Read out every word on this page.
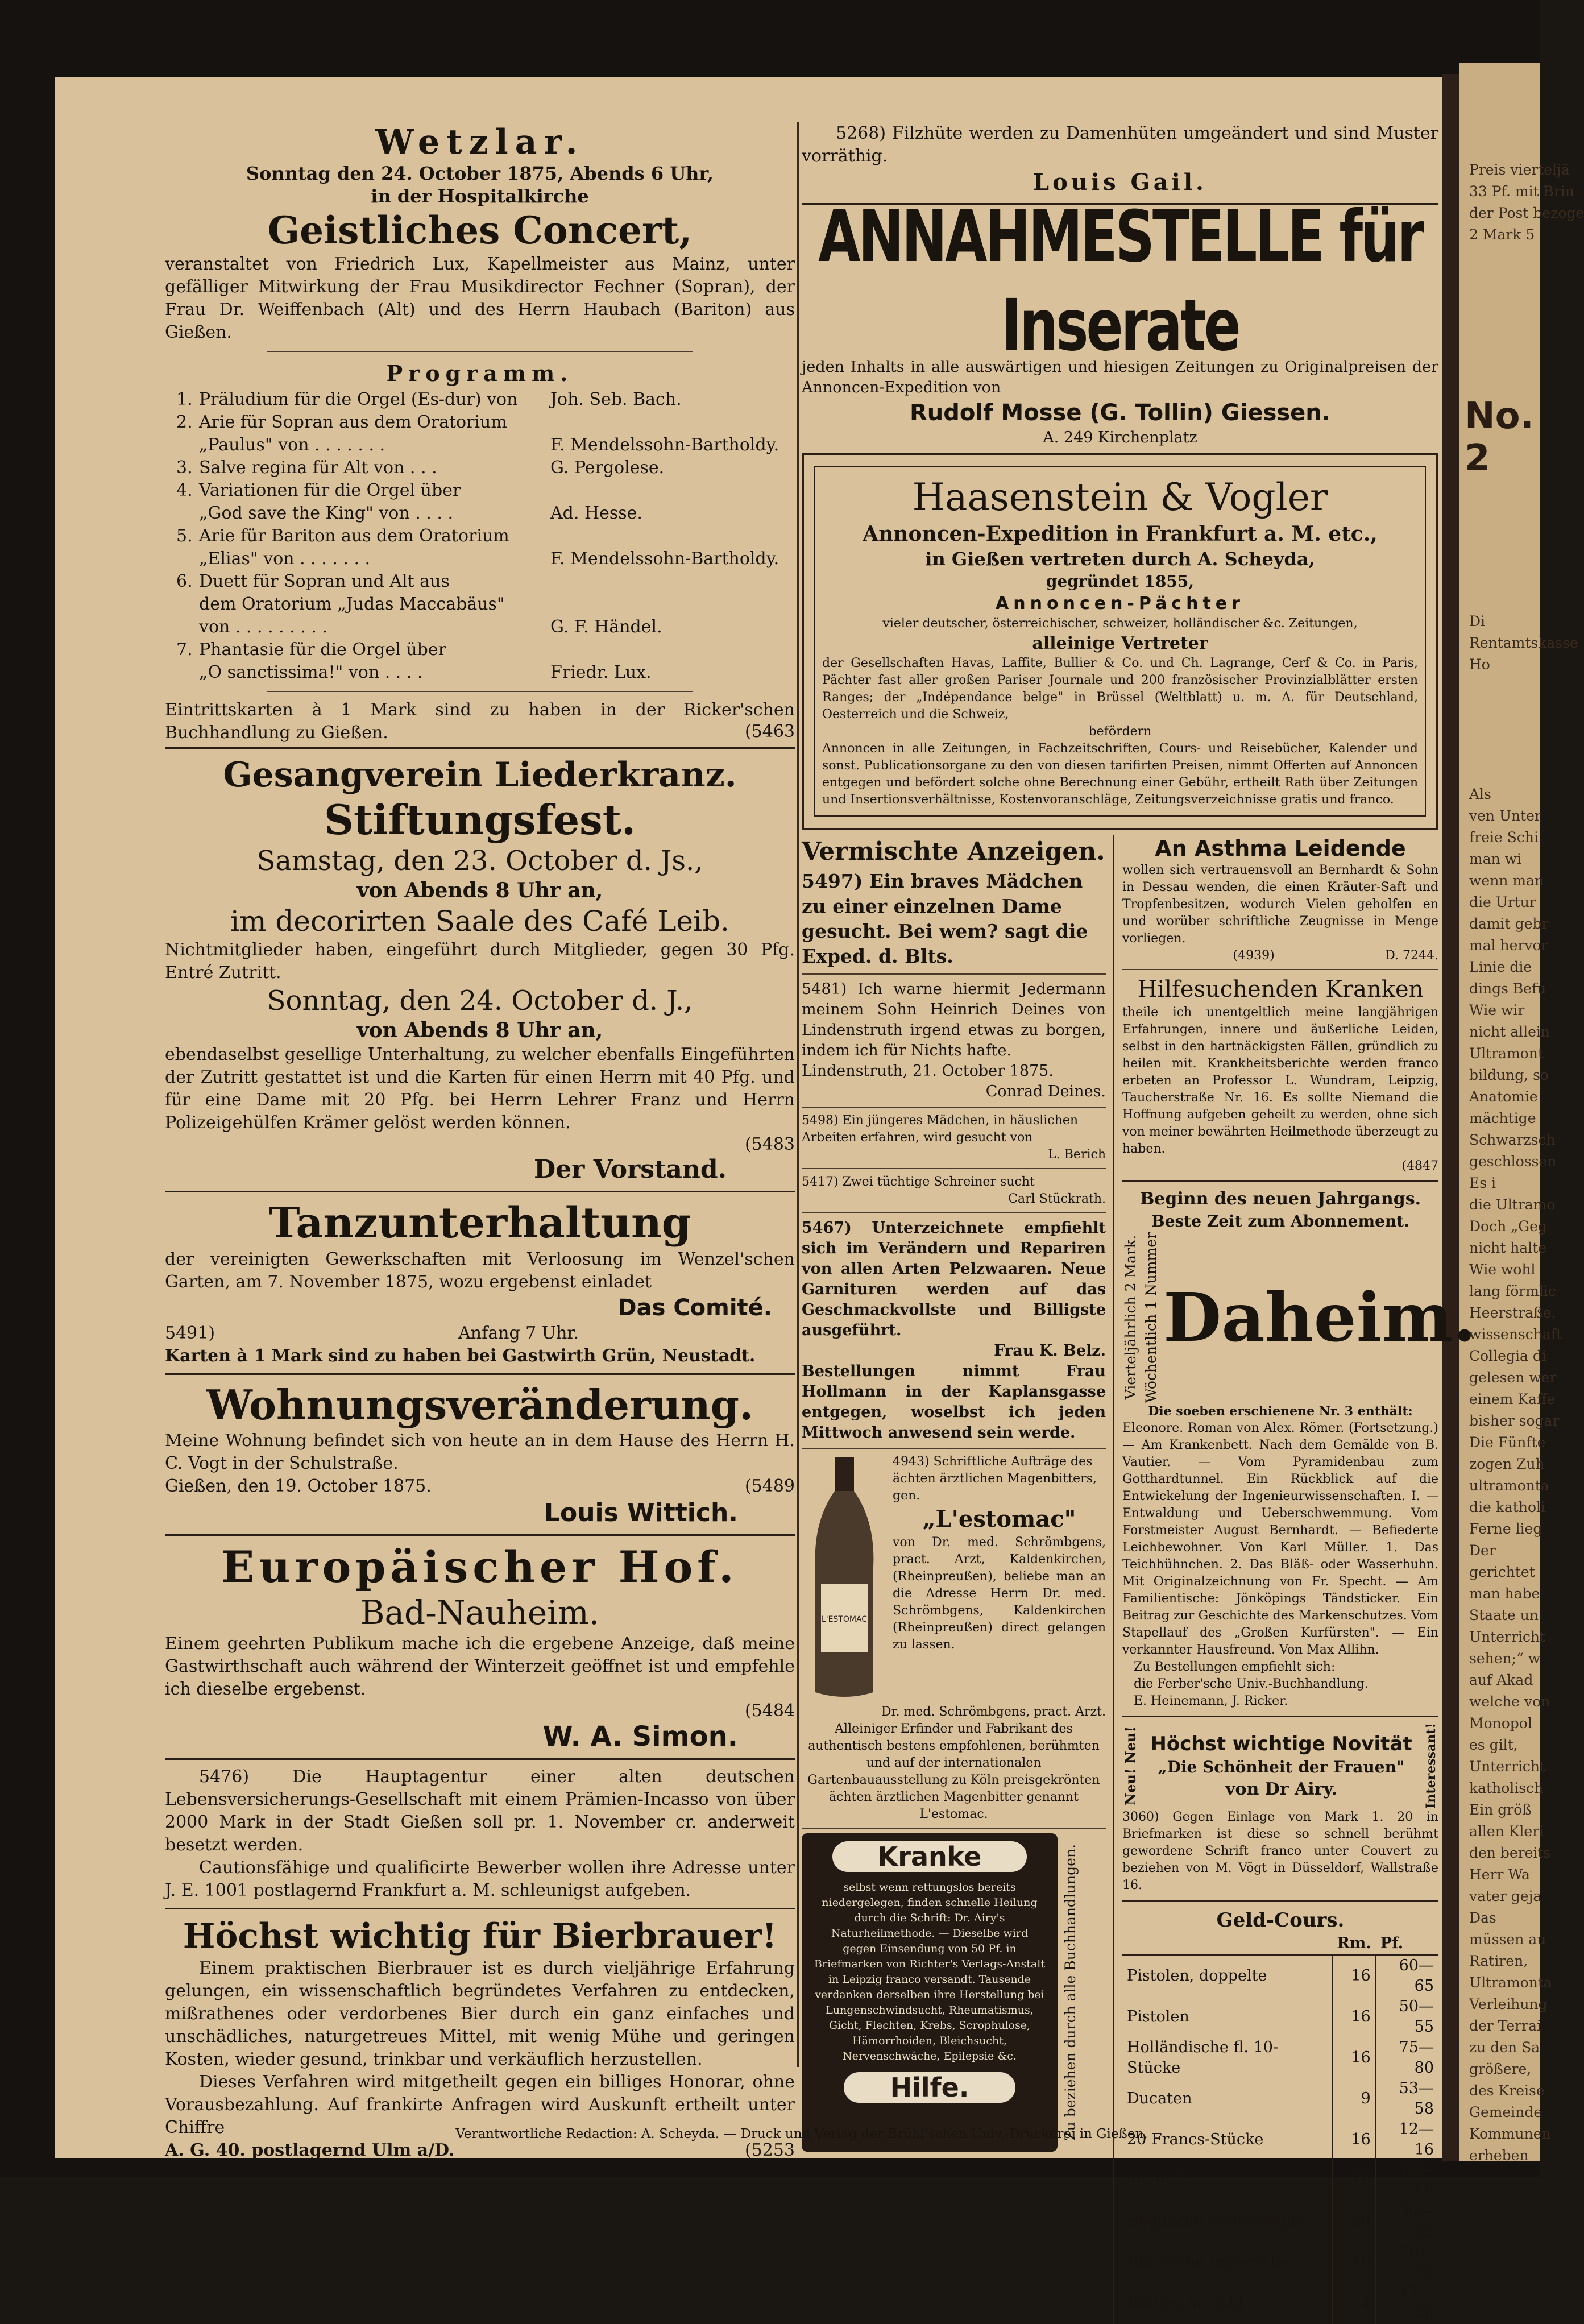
No. 2
Preis vierteljä
33 Pf. mit Brin
der Post bezoge
2 Mark 5
Di
Rentamtskasse
Ho
Als
ven Unter
freie Schi
man wi
wenn man
die Urtur
damit gebr
mal hervor
Linie die
dings Befu
Wie wir
nicht allein
Ultramont
bildung, so
Anatomie
mächtige
Schwarzsch
geschlossen
Es i
die Ultramo
Doch „Geg
nicht halte
Wie wohl
lang förmlic
Heerstraße.
wissenschaft
Collegia di
gelesen wer
einem Kaffe
bisher sogar
Die Fünfte
zogen Zuh
ultramonta
die katholi
Ferne lieg
Der
gerichtet
man habe
Staate un
Unterricht
sehen;“ w
auf Akad
welche von
Monopol
es gilt,
Unterricht
katholisch
Ein größ
allen Kleri
den bereits
Herr Wa
vater geja
Das
müssen au
Ratiren,
Ultramonta
Verleihung
der Terrai
zu den Sa
größere,
des Kreise
Gemeinde
Kommunen
erheben
Wetzlar.
Sonntag den 24. October 1875, Abends 6 Uhr,
in der Hospitalkirche
Geistliches Concert,
veranstaltet von Friedrich Lux, Kapellmeister aus Mainz, unter gefälliger Mitwirkung der Frau Musikdirector Fechner (Sopran), der Frau Dr. Weiffenbach (Alt) und des Herrn Haubach (Bariton) aus Gießen.
Programm.
1. Präludium für die Orgel (Es-dur) von	Joh. Seb. Bach.
2. Arie für Sopran aus dem Oratorium
„Paulus" von . . . . . . .	F. Mendelssohn-Bartholdy.
3. Salve regina für Alt von . . .	G. Pergolese.
4. Variationen für die Orgel über
„God save the King" von . . . .	Ad. Hesse.
5. Arie für Bariton aus dem Oratorium
„Elias" von . . . . . . .	F. Mendelssohn-Bartholdy.
6. Duett für Sopran und Alt aus
dem Oratorium „Judas Maccabäus"
von . . . . . . . . .	G. F. Händel.
7. Phantasie für die Orgel über
„O sanctissima!" von . . . .	Friedr. Lux.
Eintrittskarten à 1 Mark sind zu haben in der Ricker'schen Buchhandlung zu Gießen.	(5463
Gesangverein Liederkranz.
Stiftungsfest.
Samstag, den 23. October d. Js.,
von Abends 8 Uhr an,
im decorirten Saale des Café Leib.
Nichtmitglieder haben, eingeführt durch Mitglieder, gegen 30 Pfg. Entré Zutritt.
Sonntag, den 24. October d. J.,
von Abends 8 Uhr an,
ebendaselbst gesellige Unterhaltung, zu welcher ebenfalls Eingeführten der Zutritt gestattet ist und die Karten für einen Herrn mit 40 Pfg. und für eine Dame mit 20 Pfg. bei Herrn Lehrer Franz und Herrn Polizeigehülfen Krämer gelöst werden können.
(5483
Der Vorstand.
Tanzunterhaltung
der vereinigten Gewerkschaften mit Verloosung im Wenzel'schen Garten, am 7. November 1875, wozu ergebenst einladet
Das Comité.
5491)	Anfang 7 Uhr.
Karten à 1 Mark sind zu haben bei Gastwirth Grün, Neustadt.
Wohnungsveränderung.
Meine Wohnung befindet sich von heute an in dem Hause des Herrn H. C. Vogt in der Schulstraße.
Gießen, den 19. October 1875.	(5489
Louis Wittich.
Europäischer Hof.
Bad-Nauheim.
Einem geehrten Publikum mache ich die ergebene Anzeige, daß meine Gastwirthschaft auch während der Winterzeit geöffnet ist und empfehle ich dieselbe ergebenst.
(5484
W. A. Simon.
5476) Die Hauptagentur einer alten deutschen Lebensversicherungs-Gesellschaft mit einem Prämien-Incasso von über 2000 Mark in der Stadt Gießen soll pr. 1. November cr. anderweit besetzt werden.
Cautionsfähige und qualificirte Bewerber wollen ihre Adresse unter J. E. 1001 postlagernd Frankfurt a. M. schleunigst aufgeben.
Höchst wichtig für Bierbrauer!
Einem praktischen Bierbrauer ist es durch vieljährige Erfahrung gelungen, ein wissenschaftlich begründetes Verfahren zu entdecken, mißrathenes oder verdorbenes Bier durch ein ganz einfaches und unschädliches, naturgetreues Mittel, mit wenig Mühe und geringen Kosten, wieder gesund, trinkbar und verkäuflich herzustellen.
Dieses Verfahren wird mitgetheilt gegen ein billiges Honorar, ohne Vorausbezahlung. Auf frankirte Anfragen wird Auskunft ertheilt unter Chiffre
A. G. 40. postlagernd Ulm a/D.	(5253
5268) Filzhüte werden zu Damenhüten umgeändert und sind Muster vorräthig.
Louis Gail.
ANNAHMESTELLE für Inserate
jeden Inhalts in alle auswärtigen und hiesigen Zeitungen zu Originalpreisen der Annoncen-Expedition von
Rudolf Mosse (G. Tollin) Giessen.
A. 249 Kirchenplatz
Haasenstein & Vogler
Annoncen-Expedition in Frankfurt a. M. etc.,
in Gießen vertreten durch A. Scheyda,
gegründet 1855,
Annoncen-Pächter
vieler deutscher, österreichischer, schweizer, holländischer &c. Zeitungen,
alleinige Vertreter
der Gesellschaften Havas, Laffite, Bullier & Co. und Ch. Lagrange, Cerf & Co. in Paris, Pächter fast aller großen Pariser Journale und 200 französischer Provinzialblätter ersten Ranges; der „Indépendance belge" in Brüssel (Weltblatt) u. m. A. für Deutschland, Oesterreich und die Schweiz,
befördern
Annoncen in alle Zeitungen, in Fachzeitschriften, Cours- und Reisebücher, Kalender und sonst. Publicationsorgane zu den von diesen tarifirten Preisen, nimmt Offerten auf Annoncen entgegen und befördert solche ohne Berechnung einer Gebühr, ertheilt Rath über Zeitungen und Insertionsverhältnisse, Kostenvoranschläge, Zeitungsverzeichnisse gratis und franco.
Vermischte Anzeigen.
5497) Ein braves Mädchen zu einer einzelnen Dame gesucht. Bei wem? sagt die Exped. d. Blts.
5481) Ich warne hiermit Jedermann meinem Sohn Heinrich Deines von Lindenstruth irgend etwas zu borgen, indem ich für Nichts hafte.
Lindenstruth, 21. October 1875.
Conrad Deines.
5498) Ein jüngeres Mädchen, in häuslichen Arbeiten erfahren, wird gesucht von
L. Berich
5417) Zwei tüchtige Schreiner sucht
Carl Stückrath.
5467) Unterzeichnete empfiehlt sich im Verändern und Repariren von allen Arten Pelzwaaren. Neue Garnituren werden auf das Geschmackvollste und Billigste ausgeführt.
Frau K. Belz.
Bestellungen nimmt Frau Hollmann in der Kaplansgasse entgegen, woselbst ich jeden Mittwoch anwesend sein werde.
L'ESTOMAC
4943) Schriftliche Aufträge des ächten ärztlichen Magenbitters, gen.
„L'estomac"
von Dr. med. Schrömbgens, pract. Arzt, Kaldenkirchen, (Rheinpreußen), beliebe man an die Adresse Herrn Dr. med. Schrömbgens, Kaldenkirchen (Rheinpreußen) direct gelangen zu lassen.
Dr. med. Schrömbgens, pract. Arzt.
Alleiniger Erfinder und Fabrikant des authentisch bestens empfohlenen, berühmten und auf der internationalen Gartenbauausstellung zu Köln preisgekrönten ächten ärztlichen Magenbitter genannt L'estomac.
Kranke
selbst wenn rettungslos bereits niedergelegen, finden schnelle Heilung durch die Schrift: Dr. Airy's Naturheilmethode. — Dieselbe wird gegen Einsendung von 50 Pf. in Briefmarken von Richter's Verlags-Anstalt in Leipzig franco versandt. Tausende verdanken derselben ihre Herstellung bei Lungenschwindsucht, Rheumatismus, Gicht, Flechten, Krebs, Scrophulose, Hämorrhoiden, Bleichsucht, Nervenschwäche, Epilepsie &c.
Hilfe.	Zu beziehen durch alle Buchhandlungen.
An Asthma Leidende
wollen sich vertrauensvoll an Bernhardt & Sohn in Dessau wenden, die einen Kräuter-Saft und Tropfenbesitzen, wodurch Vielen geholfen en und worüber schriftliche Zeugnisse in Menge vorliegen.
(4939)	D. 7244.
Hilfesuchenden Kranken
theile ich unentgeltlich meine langjährigen Erfahrungen, innere und äußerliche Leiden, selbst in den hartnäckigsten Fällen, gründlich zu heilen mit. Krankheitsberichte werden franco erbeten an Professor L. Wundram, Leipzig, Taucherstraße Nr. 16. Es sollte Niemand die Hoffnung aufgeben geheilt zu werden, ohne sich von meiner bewährten Heilmethode überzeugt zu haben.
(4847
Beginn des neuen Jahrgangs.
Beste Zeit zum Abonnement.
Vierteljährlich 2 Mark. Wöchentlich 1 Nummer Daheim.
Die soeben erschienene Nr. 3 enthält:
Eleonore. Roman von Alex. Römer. (Fortsetzung.) — Am Krankenbett. Nach dem Gemälde von B. Vautier. — Vom Pyramidenbau zum Gotthardtunnel. Ein Rückblick auf die Entwickelung der Ingenieurwissenschaften. I. — Entwaldung und Ueberschwemmung. Vom Forstmeister August Bernhardt. — Befiederte Leichbewohner. Von Karl Müller. 1. Das Teichhühnchen. 2. Das Bläß- oder Wasserhuhn. Mit Originalzeichnung von Fr. Specht. — Am Familientische: Jönköpings Tändsticker. Ein Beitrag zur Geschichte des Markenschutzes. Vom Stapellauf des „Großen Kurfürsten". — Ein verkannter Hausfreund. Von Max Allihn.
Zu Bestellungen empfiehlt sich:
die Ferber'sche Univ.-Buchhandlung.
E. Heinemann, J. Ricker.
Neu! Neu! Höchst wichtige Novität
„Die Schönheit der Frauen"
von Dr Airy.	Interessant!
3060) Gegen Einlage von Mark 1. 20 in Briefmarken ist diese so schnell berühmt gewordene Schrift franco unter Couvert zu beziehen von M. Vögt in Düsseldorf, Wallstraße 16.
Geld-Cours.
	Rm.	Pf.
Pistolen, doppelte	16	60—65
Pistolen	16	50—55
Holländische fl. 10-Stücke	16	75—80
Ducaten	9	53—58
20 Francs-Stücke	16	12—16
do. in ⅟₂	16	12—16
Englische Souvereigns	20	30—35
Russische Imperiales	16	70—75
Dollars in Gold	4	17—20
Verantwortliche Redaction: A. Scheyda. — Druck und Verlag der Brühl'schen Univ.-Druckerei in Gießen.
